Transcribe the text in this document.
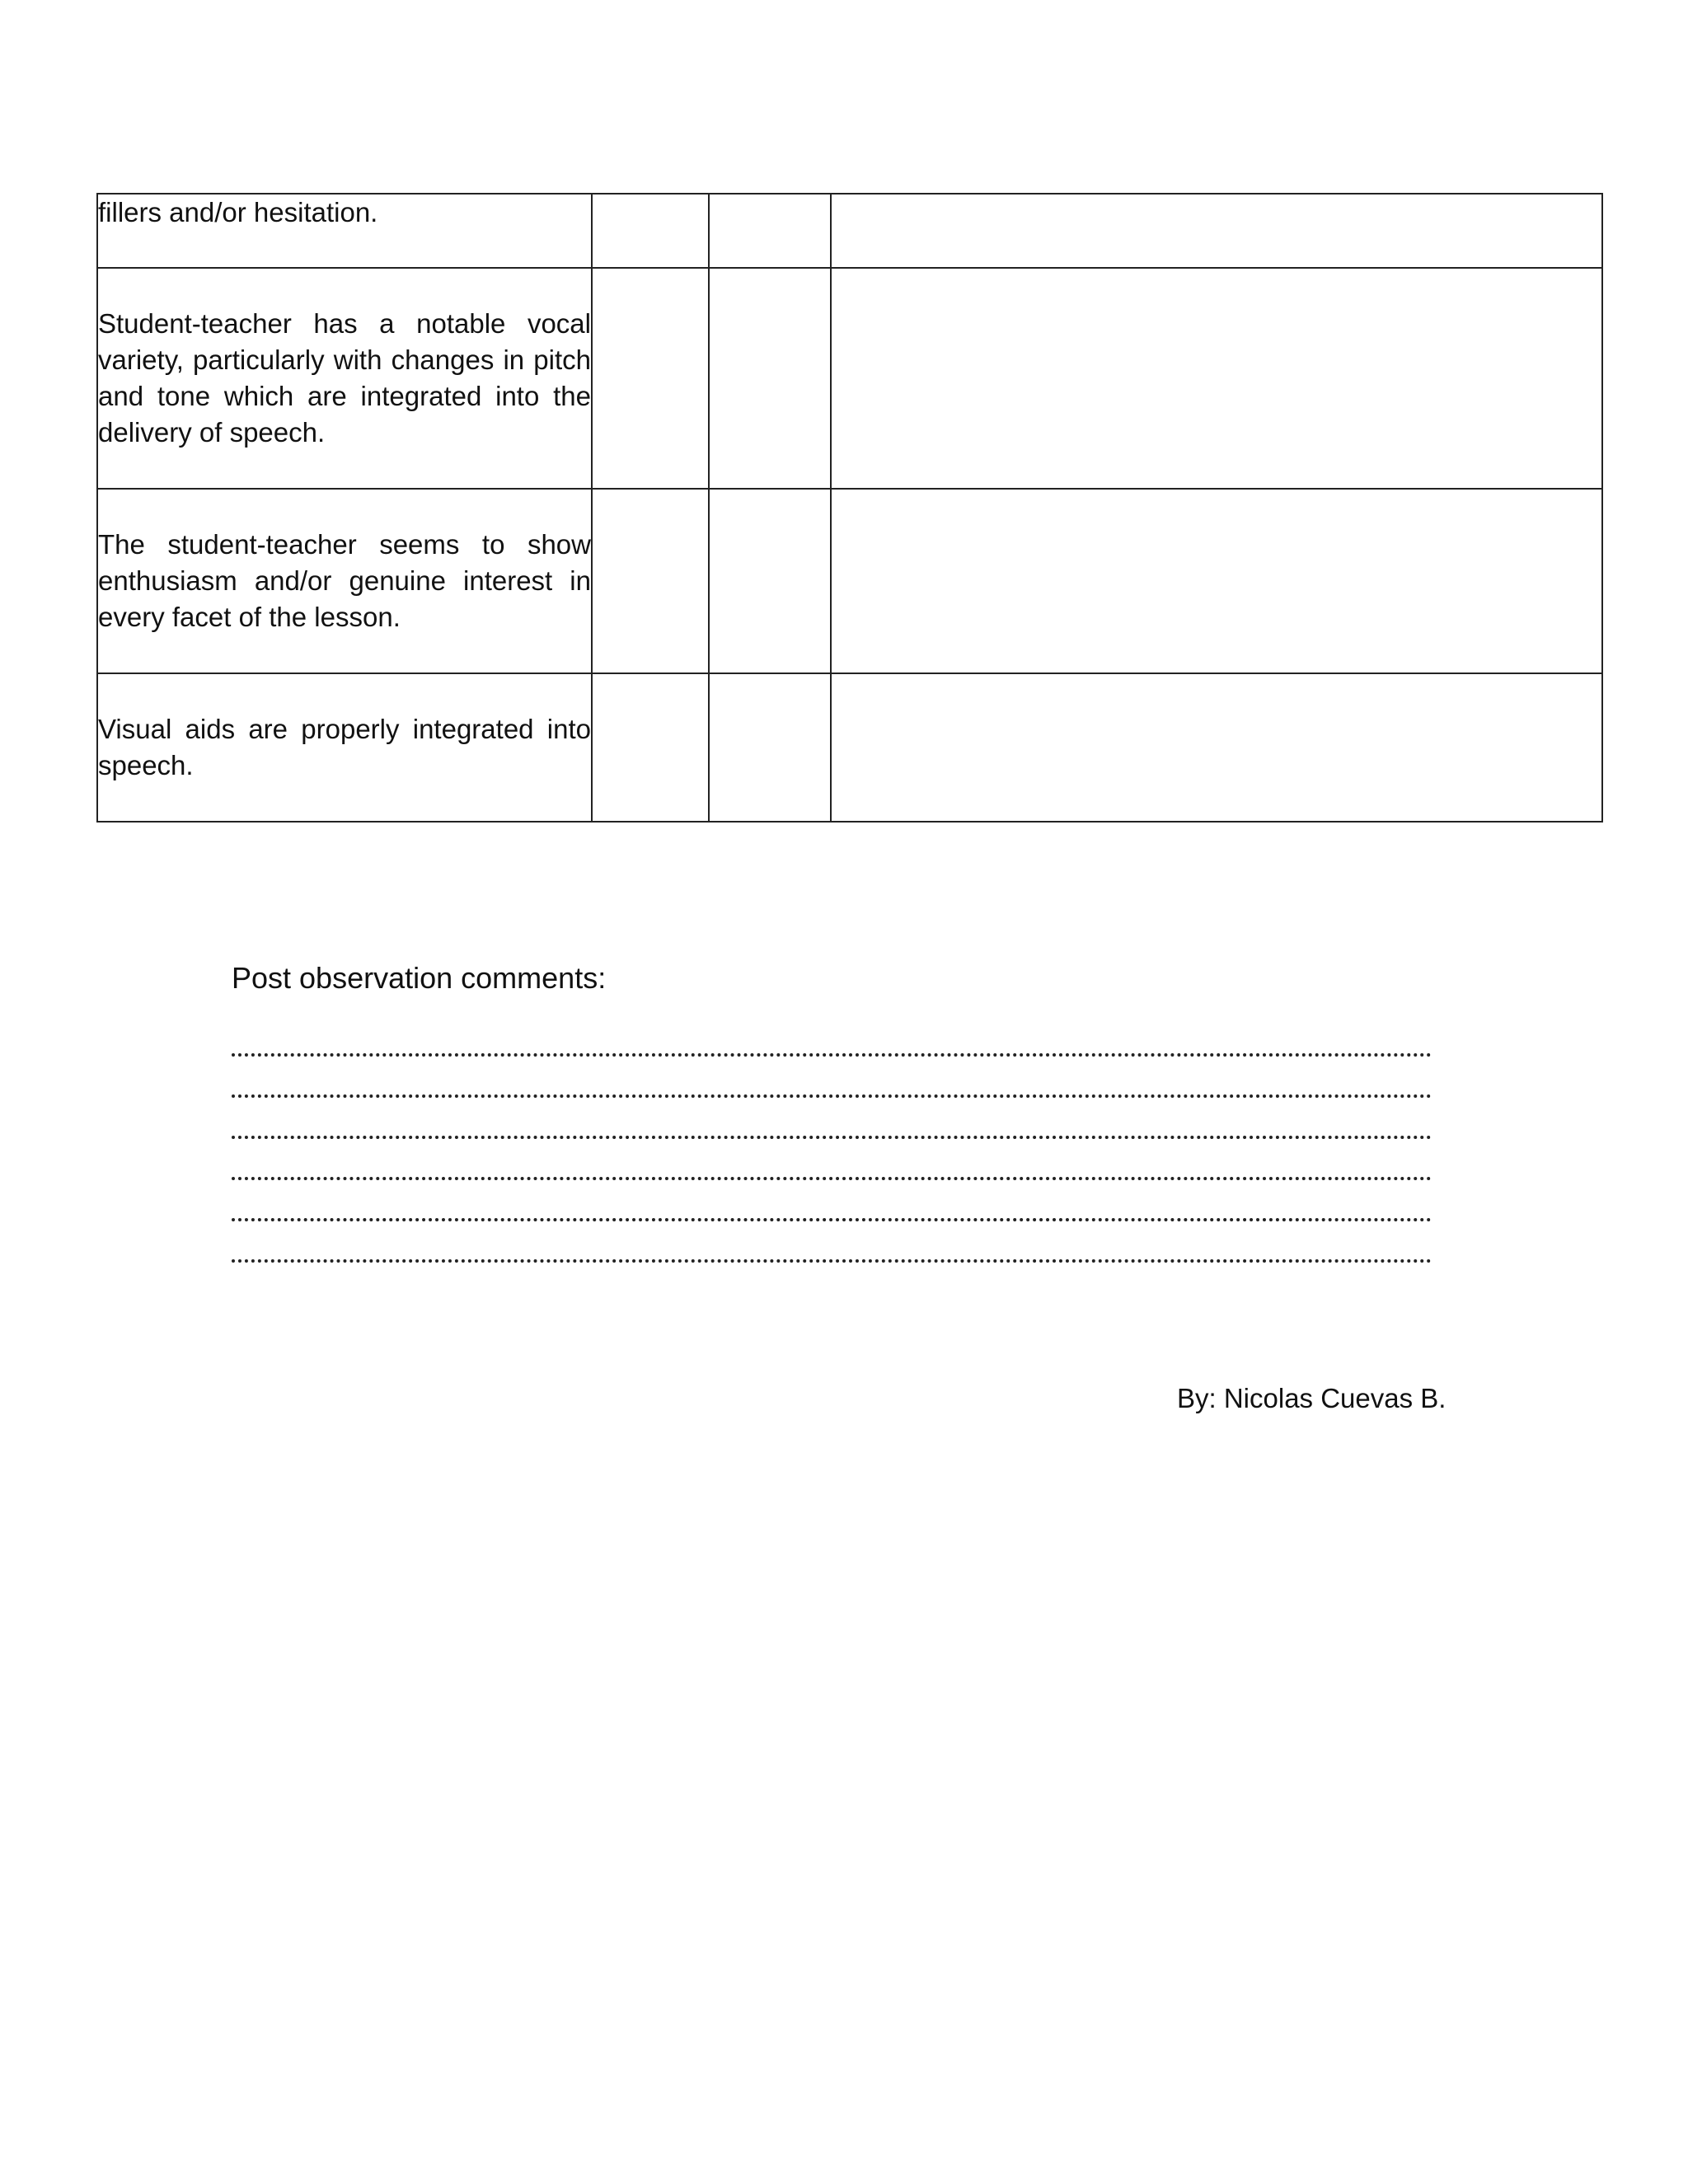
fillers and/or hesitation.			
Student-teacher has a notable vocal variety, particularly with changes in pitch and tone which are integrated into the delivery of speech.			
The student-teacher seems to show enthusiasm and/or genuine interest in every facet of the lesson.			
Visual aids are properly integrated into speech.			
Post observation comments:
By: Nicolas Cuevas B.
